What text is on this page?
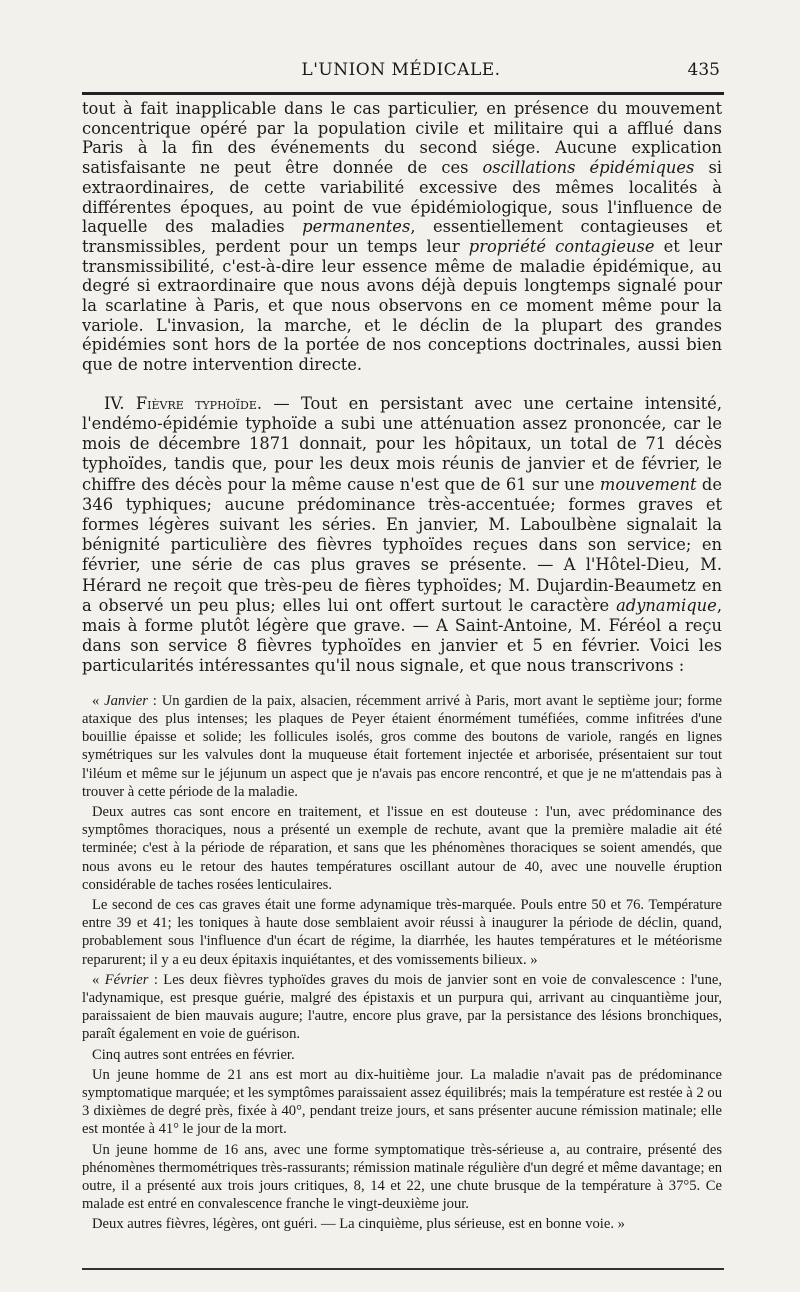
L'UNION MÉDICALE.	435

tout à fait inapplicable dans le cas particulier, en présence du mouvement concentrique opéré par la population civile et militaire qui a afflué dans Paris à la fin des événements du second siége. Aucune explication satisfaisante ne peut être donnée de ces oscillations épidémiques si extraordinaires, de cette variabilité excessive des mêmes localités à différentes époques, au point de vue épidémiologique, sous l'influence de laquelle des maladies permanentes, essentiellement contagieuses et transmissibles, perdent pour un temps leur propriété contagieuse et leur transmissibilité, c'est-à-dire leur essence même de maladie épidémique, au degré si extraordinaire que nous avons déjà depuis longtemps signalé pour la scarlatine à Paris, et que nous observons en ce moment même pour la variole. L'invasion, la marche, et le déclin de la plupart des grandes épidémies sont hors de la portée de nos conceptions doctrinales, aussi bien que de notre intervention directe.

IV. Fièvre typhoïde. — Tout en persistant avec une certaine intensité, l'endémo-épidémie typhoïde a subi une atténuation assez prononcée, car le mois de décembre 1871 donnait, pour les hôpitaux, un total de 71 décès typhoïdes, tandis que, pour les deux mois réunis de janvier et de février, le chiffre des décès pour la même cause n'est que de 61 sur une mouvement de 346 typhiques; aucune prédominance très-accentuée; formes graves et formes légères suivant les séries. En janvier, M. Laboulbène signalait la bénignité particulière des fièvres typhoïdes reçues dans son service; en février, une série de cas plus graves se présente. — A l'Hôtel-Dieu, M. Hérard ne reçoit que très-peu de fières typhoïdes; M. Dujardin-Beaumetz en a observé un peu plus; elles lui ont offert surtout le caractère adynamique, mais à forme plutôt légère que grave. — A Saint-Antoine, M. Féréol a reçu dans son service 8 fièvres typhoïdes en janvier et 5 en février. Voici les particularités intéressantes qu'il nous signale, et que nous transcrivons :

« Janvier : Un gardien de la paix, alsacien, récemment arrivé à Paris, mort avant le septième jour; forme ataxique des plus intenses; les plaques de Peyer étaient énormément tuméfiées, comme infitrées d'une bouillie épaisse et solide; les follicules isolés, gros comme des boutons de variole, rangés en lignes symétriques sur les valvules dont la muqueuse était fortement injectée et arborisée, présentaient sur tout l'iléum et même sur le jéjunum un aspect que je n'avais pas encore rencontré, et que je ne m'attendais pas à trouver à cette période de la maladie.

Deux autres cas sont encore en traitement, et l'issue en est douteuse : l'un, avec prédominance des symptômes thoraciques, nous a présenté un exemple de rechute, avant que la première maladie ait été terminée; c'est à la période de réparation, et sans que les phénomènes thoraciques se soient amendés, que nous avons eu le retour des hautes températures oscillant autour de 40, avec une nouvelle éruption considérable de taches rosées lenticulaires.

Le second de ces cas graves était une forme adynamique très-marquée. Pouls entre 50 et 76. Température entre 39 et 41; les toniques à haute dose semblaient avoir réussi à inaugurer la période de déclin, quand, probablement sous l'influence d'un écart de régime, la diarrhée, les hautes températures et le météorisme reparurent; il y a eu deux épitaxis inquiétantes, et des vomissements bilieux. »

« Février : Les deux fièvres typhoïdes graves du mois de janvier sont en voie de convalescence : l'une, l'adynamique, est presque guérie, malgré des épistaxis et un purpura qui, arrivant au cinquantième jour, paraissaient de bien mauvais augure; l'autre, encore plus grave, par la persistance des lésions bronchiques, paraît également en voie de guérison.

Cinq autres sont entrées en février.

Un jeune homme de 21 ans est mort au dix-huitième jour. La maladie n'avait pas de prédominance symptomatique marquée; et les symptômes paraissaient assez équilibrés; mais la température est restée à 2 ou 3 dixièmes de degré près, fixée à 40°, pendant treize jours, et sans présenter aucune rémission matinale; elle est montée à 41° le jour de la mort.

Un jeune homme de 16 ans, avec une forme symptomatique très-sérieuse a, au contraire, présenté des phénomènes thermométriques très-rassurants; rémission matinale régulière d'un degré et même davantage; en outre, il a présenté aux trois jours critiques, 8, 14 et 22, une chute brusque de la température à 37°5. Ce malade est entré en convalescence franche le vingt-deuxième jour.

Deux autres fièvres, légères, ont guéri. — La cinquième, plus sérieuse, est en bonne voie. »
